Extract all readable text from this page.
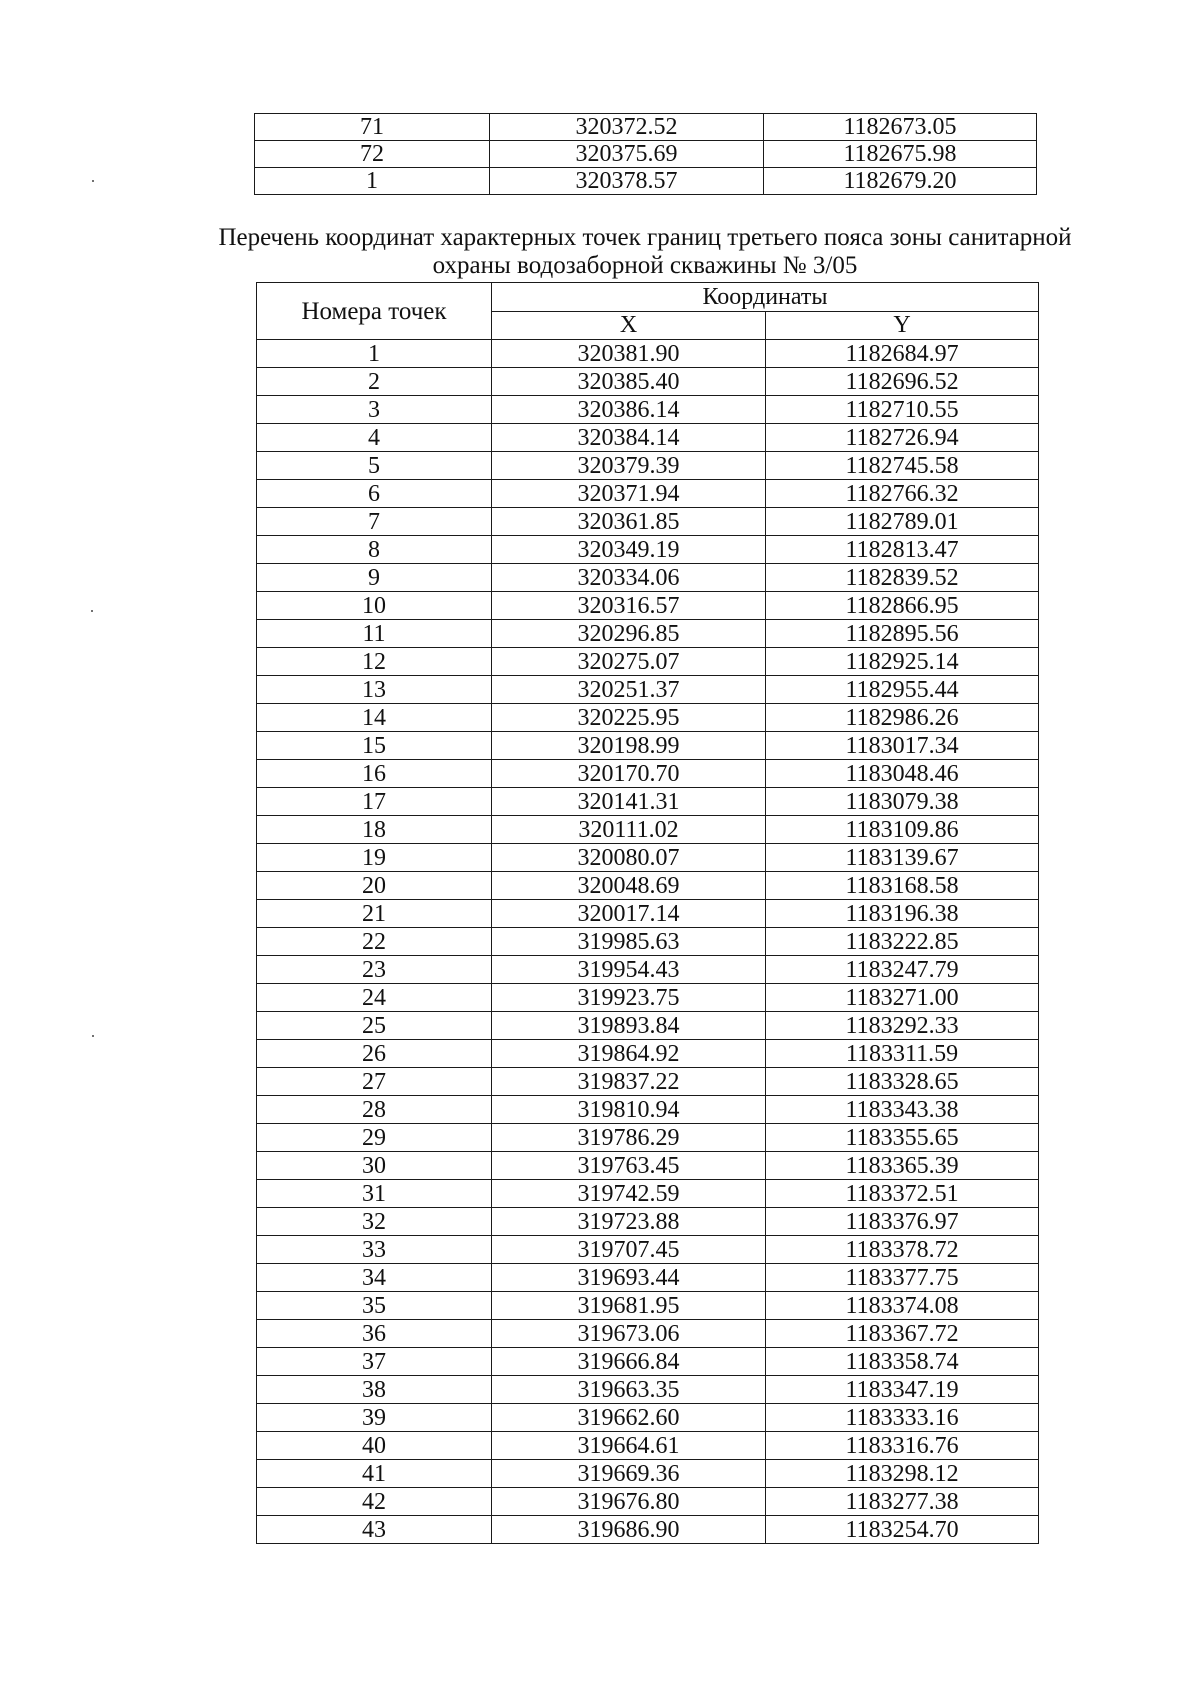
71	320372.52	1182673.05
72	320375.69	1182675.98
1	320378.57	1182679.20
Перечень координат характерных точек границ третьего пояса зоны санитарной
охраны водозаборной скважины № 3/05
Номера точек	Координаты	
	X	Y
1	320381.90	1182684.97
2	320385.40	1182696.52
3	320386.14	1182710.55
4	320384.14	1182726.94
5	320379.39	1182745.58
6	320371.94	1182766.32
7	320361.85	1182789.01
8	320349.19	1182813.47
9	320334.06	1182839.52
10	320316.57	1182866.95
11	320296.85	1182895.56
12	320275.07	1182925.14
13	320251.37	1182955.44
14	320225.95	1182986.26
15	320198.99	1183017.34
16	320170.70	1183048.46
17	320141.31	1183079.38
18	320111.02	1183109.86
19	320080.07	1183139.67
20	320048.69	1183168.58
21	320017.14	1183196.38
22	319985.63	1183222.85
23	319954.43	1183247.79
24	319923.75	1183271.00
25	319893.84	1183292.33
26	319864.92	1183311.59
27	319837.22	1183328.65
28	319810.94	1183343.38
29	319786.29	1183355.65
30	319763.45	1183365.39
31	319742.59	1183372.51
32	319723.88	1183376.97
33	319707.45	1183378.72
34	319693.44	1183377.75
35	319681.95	1183374.08
36	319673.06	1183367.72
37	319666.84	1183358.74
38	319663.35	1183347.19
39	319662.60	1183333.16
40	319664.61	1183316.76
41	319669.36	1183298.12
42	319676.80	1183277.38
43	319686.90	1183254.70
